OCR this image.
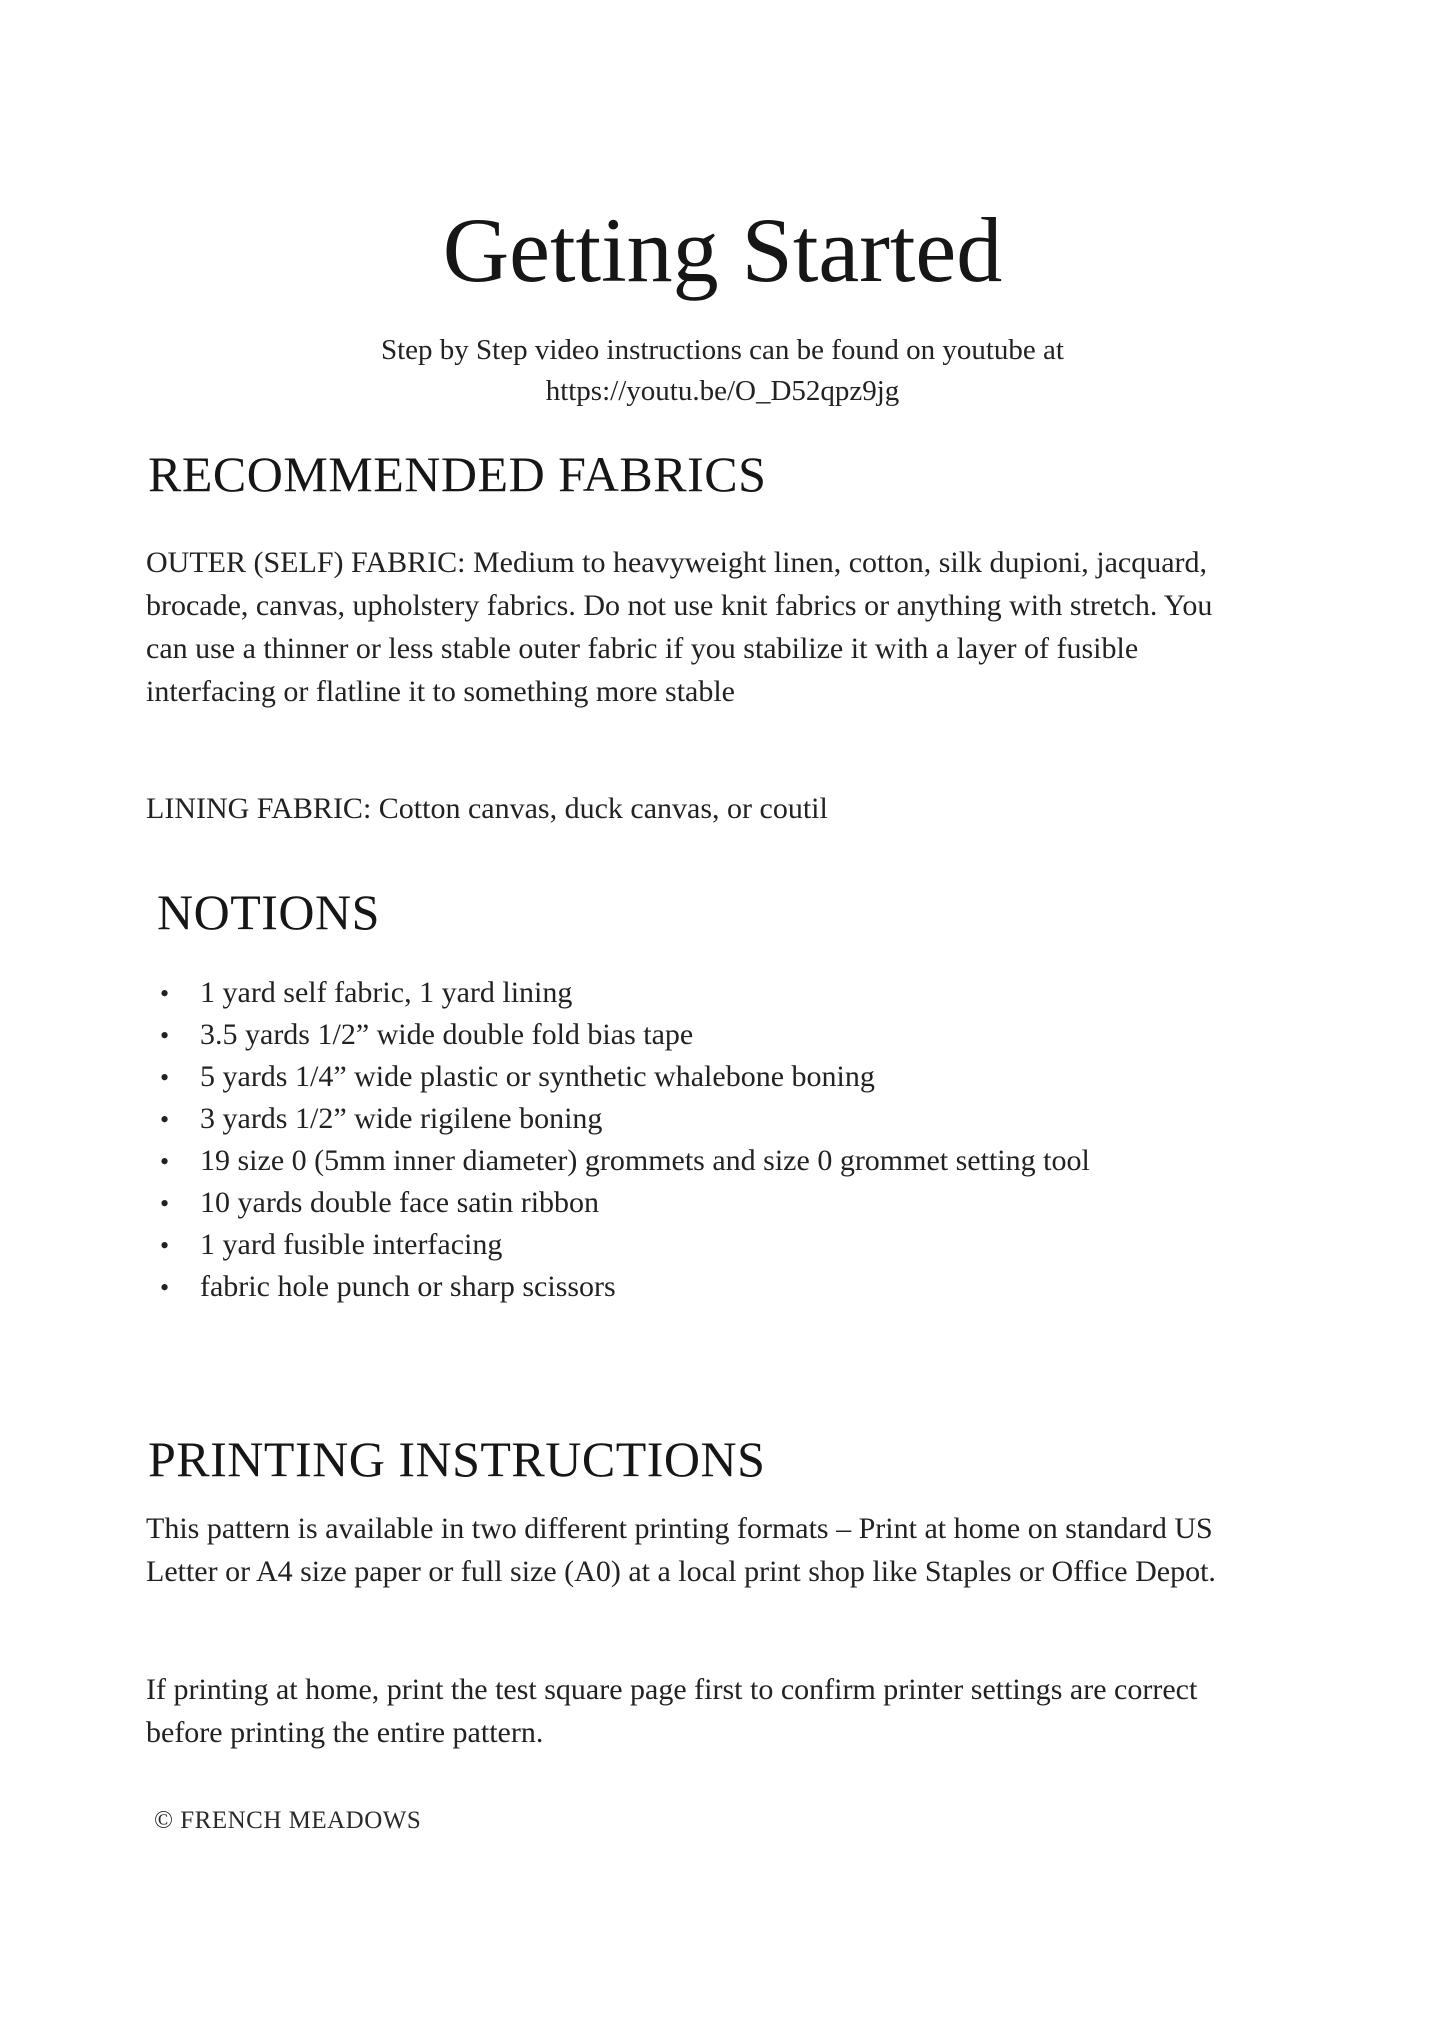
Getting Started
Step by Step video instructions can be found on youtube at
https://youtu.be/O_D52qpz9jg
RECOMMENDED FABRICS

OUTER (SELF) FABRIC: Medium to heavyweight linen, cotton, silk dupioni, jacquard, brocade, canvas, upholstery fabrics. Do not use knit fabrics or anything with stretch. You can use a thinner or less stable outer fabric if you stabilize it with a layer of fusible interfacing or flatline it to something more stable

LINING FABRIC: Cotton canvas, duck canvas, or coutil

NOTIONS
•	1 yard self fabric, 1 yard lining
•	3.5 yards 1/2” wide double fold bias tape
•	5 yards 1/4” wide plastic or synthetic whalebone boning
•	3 yards 1/2” wide rigilene boning
•	19 size 0 (5mm inner diameter) grommets and size 0 grommet setting tool
•	10 yards double face satin ribbon
•	1 yard fusible interfacing
•	fabric hole punch or sharp scissors
PRINTING INSTRUCTIONS

This pattern is available in two different printing formats – Print at home on standard US Letter or A4 size paper or full size (A0) at a local print shop like Staples or Office Depot.

If printing at home, print the test square page first to confirm printer settings are correct before printing the entire pattern.

© FRENCH MEADOWS
